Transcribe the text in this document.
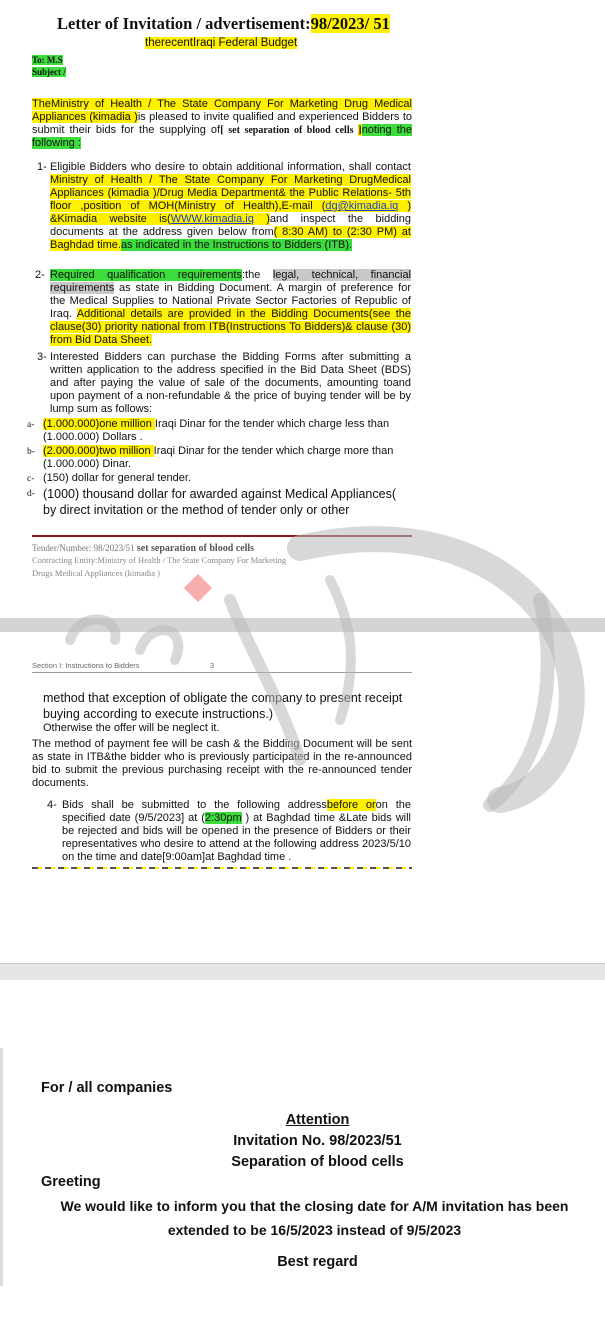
Letter of Invitation / advertisement:98/2023/ 51
therecentIraqi Federal Budget
To: M.S
Subject /
TheMinistry of Health / The State Company For Marketing Drug Medical Appliances (kimadia )is pleased to invite qualified and experienced Bidders to submit their bids for the supplying of[ set separation of blood cells ]noting the following :
1- Eligible Bidders who desire to obtain additional information, shall contact Ministry of Health / The State Company For Marketing DrugMedical Appliances (kimadia )/Drug Media Department& the Public Relations- 5th floor ,position of MOH(Ministry of Health),E-mail (dg@kimadia.iq ) &Kimadia website is(WWW.kimadia.iq )and inspect the bidding documents at the address given below from( 8:30 AM) to (2:30 PM) at Baghdad time.as indicated in the Instructions to Bidders (ITB).
2- Required qualification requirements:the legal, technical, financial requirements as state in Bidding Document. A margin of preference for the Medical Supplies to National Private Sector Factories of Republic of Iraq. Additional details are provided in the Bidding Documents(see the clause(30) priority national from ITB(Instructions To Bidders)& clause (30) from Bid Data Sheet.
3- Interested Bidders can purchase the Bidding Forms after submitting a written application to the address specified in the Bid Data Sheet (BDS) and after paying the value of sale of the documents, amounting toand upon payment of a non-refundable & the price of buying tender will be by lump sum as follows:
a- (1.000.000)one million Iraqi Dinar for the tender which charge less than (1.000.000) Dollars .
b- (2.000.000)two million Iraqi Dinar for the tender which charge more than (1.000.000) Dinar.
c- (150) dollar for general tender.
d- (1000) thousand dollar for awarded against Medical Appliances( by direct invitation or the method of tender only or other
Tender/Number: 98/2023/51 set separation of blood cells
Contracting Entity:Ministry of Health / The State Company For Marketing
Drugs Medical Appliances (kimadia )
Section I: Instructions to Bidders	3
method that exception of obligate the company to present receipt buying according to execute instructions.)
Otherwise the offer will be neglect it.
The method of payment fee will be cash & the Bidding Document will be sent as state in ITB&the bidder who is previously participated in the re-announced bid to submit the previous purchasing receipt with the re-announced tender documents.
4- Bids shall be submitted to the following addressbefore oron the specified date (9/5/2023] at (2:30pm ) at Baghdad time &Late bids will be rejected and bids will be opened in the presence of Bidders or their representatives who desire to attend at the following address 2023/5/10 on the time and date[9:00am]at Baghdad time .
For / all companies
Attention
Invitation No. 98/2023/51
Separation of blood cells
Greeting
We would like to inform you that the closing date for A/M invitation has been
extended to be 16/5/2023 instead of 9/5/2023
Best regard
